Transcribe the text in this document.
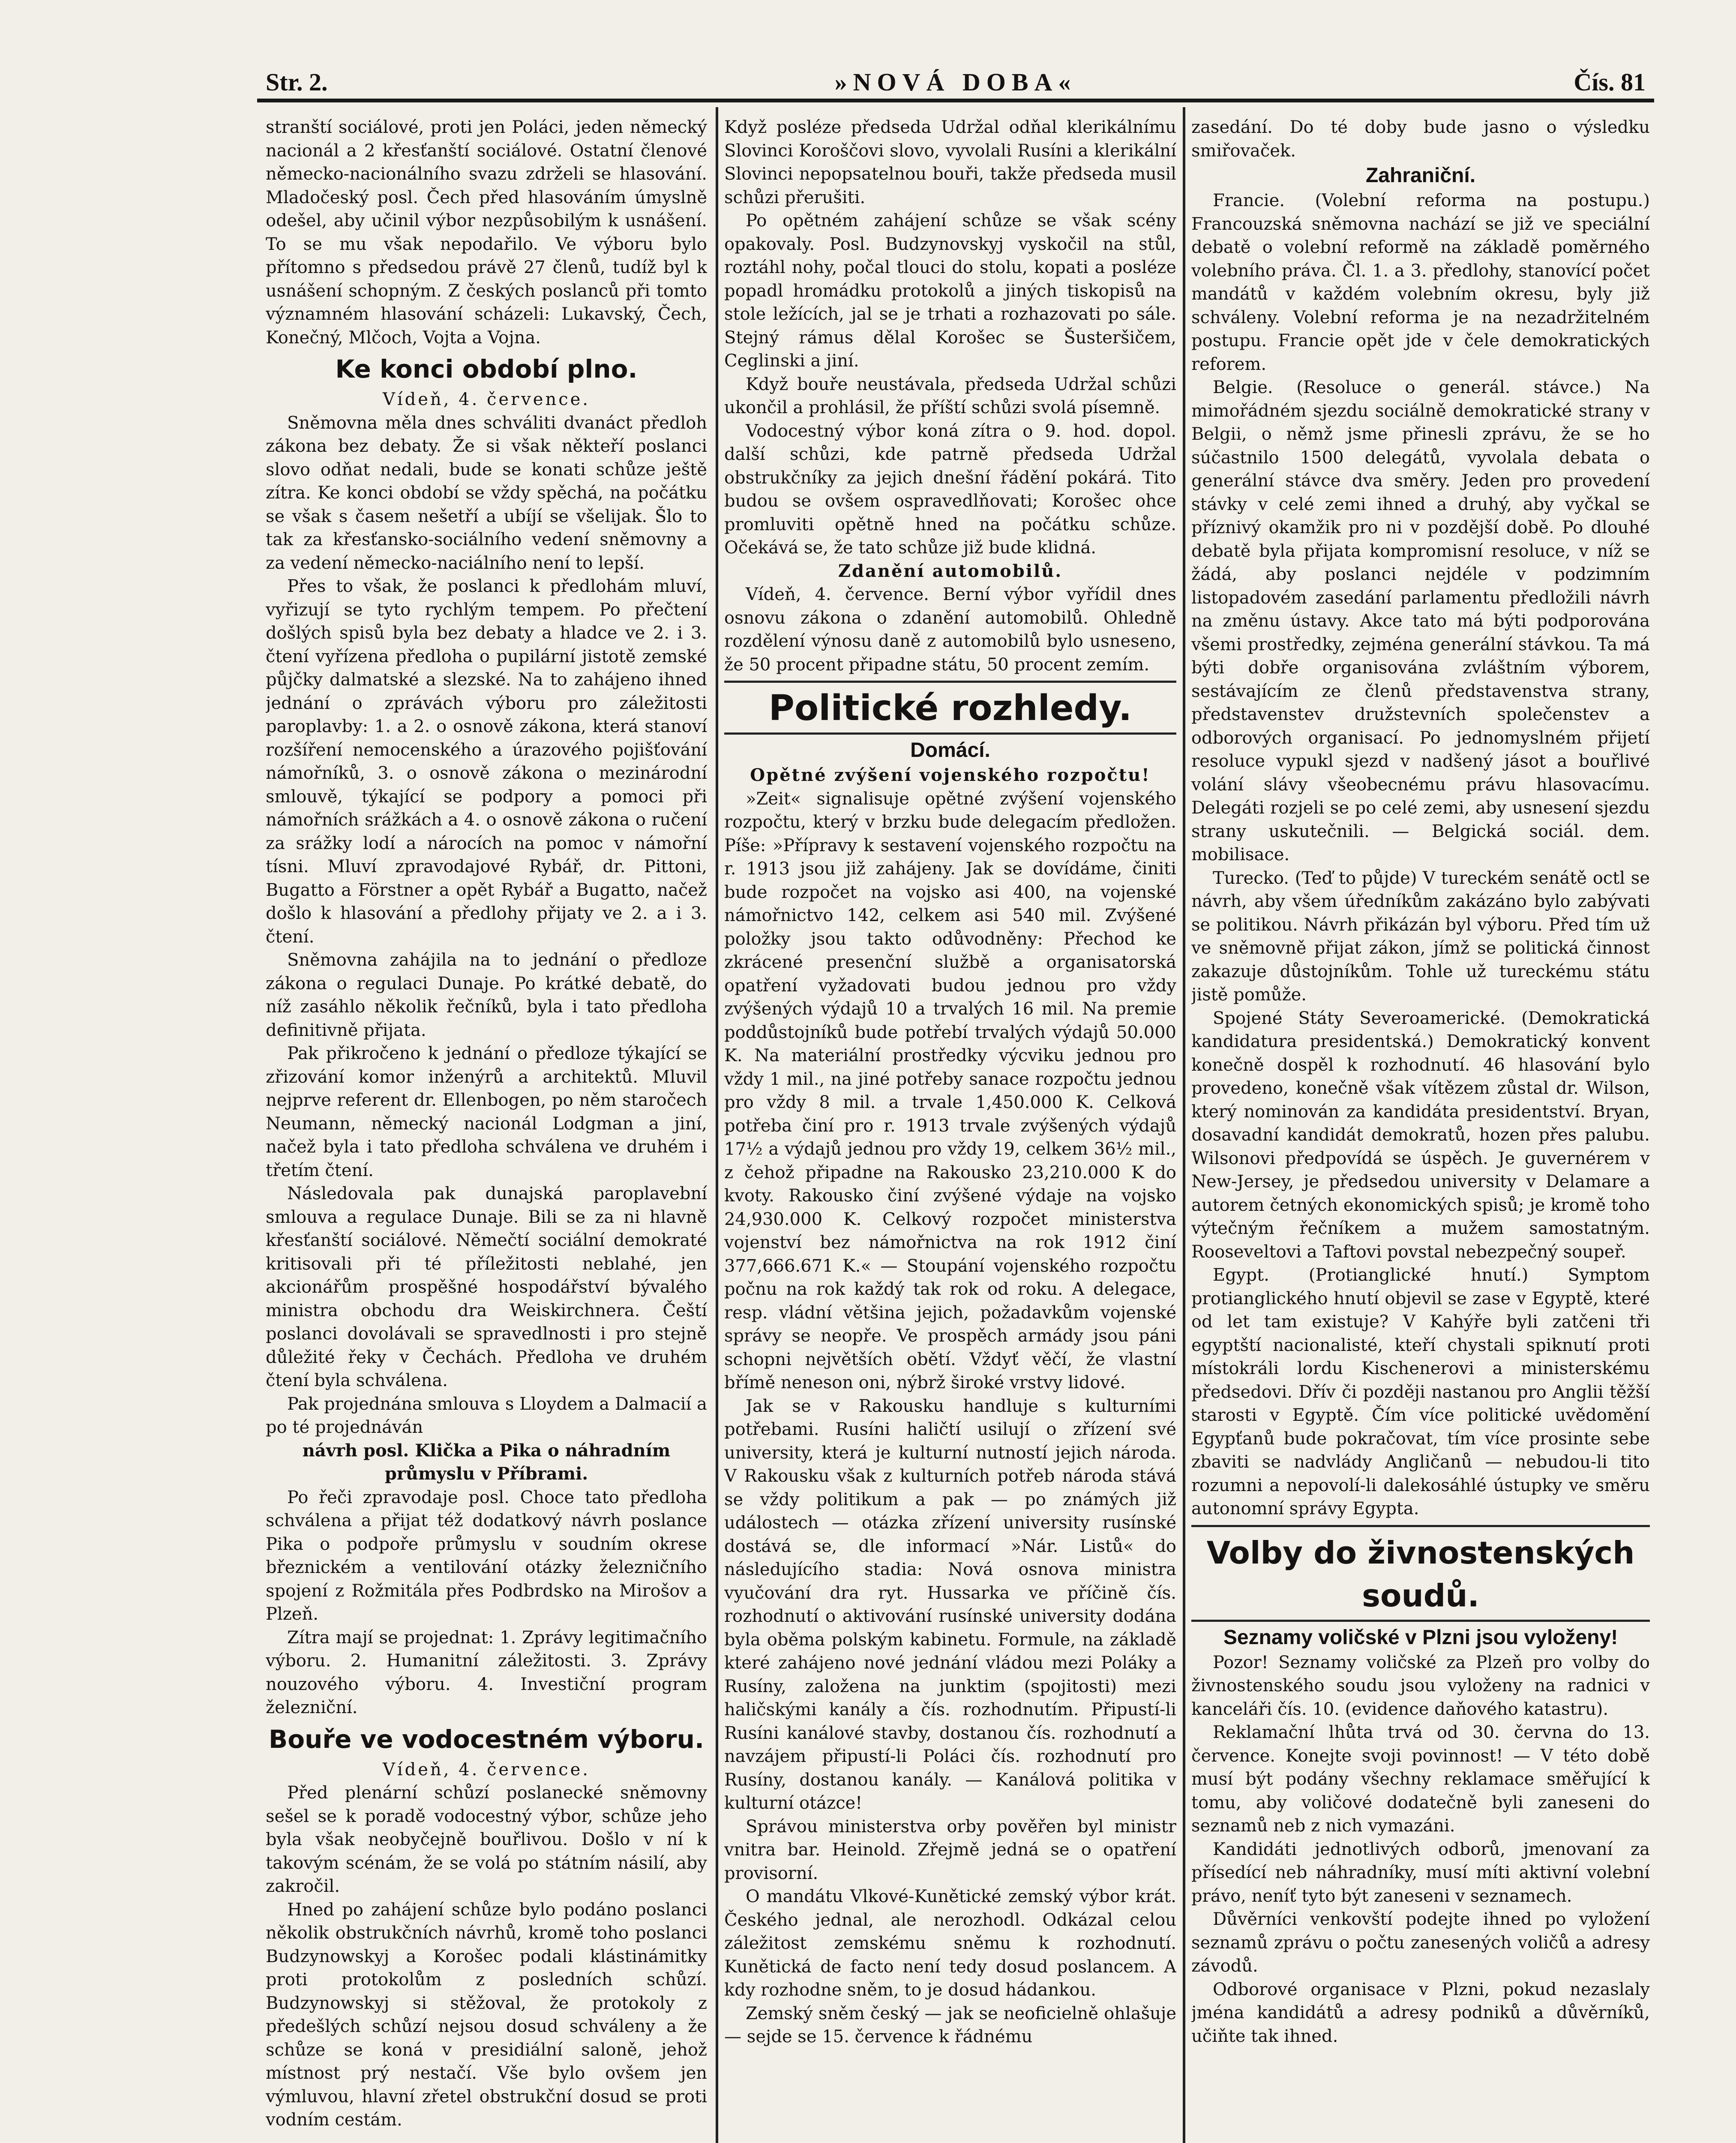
Str. 2.	»NOVÁ DOBA«	Čís. 81

stranští sociálové, proti jen Poláci, jeden německý nacionál a 2 křesťanští sociálové. Ostatní členové německo-nacionálního svazu zdrželi se hlasování. Mladočeský posl. Čech před hlasováním úmyslně odešel, aby učinil výbor nezpůsobilým k usnášení. To se mu však nepodařilo. Ve výboru bylo přítomno s předsedou právě 27 členů, tudíž byl k usnášení schopným. Z českých poslanců při tomto významném hlasování scházeli: Lukavský, Čech, Konečný, Mlčoch, Vojta a Vojna.

Ke konci období plno.

Vídeň, 4. července.

Sněmovna měla dnes schváliti dvanáct předloh zákona bez debaty. Že si však někteří poslanci slovo odňat nedali, bude se konati schůze ještě zítra. Ke konci období se vždy spěchá, na počátku se však s časem nešetří a ubíjí se všelijak. Šlo to tak za křesťansko-sociálního vedení sněmovny a za vedení německo-naciálního není to lepší.

Přes to však, že poslanci k předlohám mluví, vyřizují se tyto rychlým tempem. Po přečtení došlých spisů byla bez debaty a hladce ve 2. i 3. čtení vyřízena předloha o pupilární jistotě zemské půjčky dalmatské a slezské. Na to zahájeno ihned jednání o zprávách výboru pro záležitosti paroplavby: 1. a 2. o osnově zákona, která stanoví rozšíření nemocenského a úrazového pojišťování námořníků, 3. o osnově zákona o mezinárodní smlouvě, týkající se podpory a pomoci při námořních srážkách a 4. o osnově zákona o ručení za srážky lodí a nárocích na pomoc v námořní tísni. Mluví zpravodajové Rybář, dr. Pittoni, Bugatto a Förstner a opět Rybář a Bugatto, načež došlo k hlasování a předlohy přijaty ve 2. a i 3. čtení.

Sněmovna zahájila na to jednání o předloze zákona o regulaci Dunaje. Po krátké debatě, do níž zasáhlo několik řečníků, byla i tato předloha definitivně přijata.

Pak přikročeno k jednání o předloze týkající se zřizování komor inženýrů a architektů. Mluvil nejprve referent dr. Ellenbogen, po něm staročech Neumann, německý nacionál Lodgman a jiní, načež byla i tato předloha schválena ve druhém i třetím čtení.

Následovala pak dunajská paroplavební smlouva a regulace Dunaje. Bili se za ni hlavně křesťanští sociálové. Němečtí sociální demokraté kritisovali při té příležitosti neblahé, jen akcionářům prospěšné hospodářství bývalého ministra obchodu dra Weiskirchnera. Čeští poslanci dovolávali se spravedlnosti i pro stejně důležité řeky v Čechách. Předloha ve druhém čtení byla schválena.

Pak projednána smlouva s Lloydem a Dalmacií a po té projednáván

návrh posl. Klička a Pika o náhradním průmyslu v Příbrami.

Po řeči zpravodaje posl. Choce tato předloha schválena a přijat též dodatkový návrh poslance Pika o podpoře průmyslu v soudním okrese březnickém a ventilování otázky železničního spojení z Rožmitála přes Podbrdsko na Mirošov a Plzeň.

Zítra mají se projednat: 1. Zprávy legitimačního výboru. 2. Humanitní záležitosti. 3. Zprávy nouzového výboru. 4. Investiční program železniční.

Bouře ve vodocestném výboru.

Vídeň, 4. července.

Před plenární schůzí poslanecké sněmovny sešel se k poradě vodocestný výbor, schůze jeho byla však neobyčejně bouřlivou. Došlo v ní k takovým scénám, že se volá po státním násilí, aby zakročil.

Hned po zahájení schůze bylo podáno poslanci několik obstrukčních návrhů, kromě toho poslanci Budzynowskyj a Korošec podali klástinámitky proti protokolům z posledních schůzí. Budzynowskyj si stěžoval, že protokoly z předešlých schůzí nejsou dosud schváleny a že schůze se koná v presidiální saloně, jehož místnost prý nestačí. Vše bylo ovšem jen výmluvou, hlavní zřetel obstrukční dosud se proti vodním cestám.

Když posléze předseda Udržal odňal klerikálnímu Slovinci Koroščovi slovo, vyvolali Rusíni a klerikální Slovinci nepopsatelnou bouři, takže předseda musil schůzi přerušiti.

Po opětném zahájení schůze se však scény opakovaly. Posl. Budzynovskyj vyskočil na stůl, roztáhl nohy, počal tlouci do stolu, kopati a posléze popadl hromádku protokolů a jiných tiskopisů na stole ležících, jal se je trhati a rozhazovati po sále. Stejný rámus dělal Korošec se Šusteršičem, Ceglinski a jiní.

Když bouře neustávala, předseda Udržal schůzi ukončil a prohlásil, že příští schůzi svolá písemně.

Vodocestný výbor koná zítra o 9. hod. dopol. další schůzi, kde patrně předseda Udržal obstrukčníky za jejich dnešní řádění pokárá. Tito budou se ovšem ospravedlňovati; Korošec ohce promluviti opětně hned na počátku schůze. Očekává se, že tato schůze již bude klidná.

Zdanění automobilů.

Vídeň, 4. července. Berní výbor vyřídil dnes osnovu zákona o zdanění automobilů. Ohledně rozdělení výnosu daně z automobilů bylo usneseno, že 50 procent připadne státu, 50 procent zemím.

Politické rozhledy.
Domácí.
Opětné zvýšení vojenského rozpočtu!

»Zeit« signalisuje opětné zvýšení vojenského rozpočtu, který v brzku bude delegacím předložen. Píše: »Přípravy k sestavení vojenského rozpočtu na r. 1913 jsou již zahájeny. Jak se dovídáme, činiti bude rozpočet na vojsko asi 400, na vojenské námořnictvo 142, celkem asi 540 mil. Zvýšené položky jsou takto odůvodněny: Přechod ke zkrácené presenční službě a organisatorská opatření vyžadovati budou jednou pro vždy zvýšených výdajů 10 a trvalých 16 mil. Na premie poddůstojníků bude potřebí trvalých výdajů 50.000 K. Na materiální prostředky výcviku jednou pro vždy 1 mil., na jiné potřeby sanace rozpočtu jednou pro vždy 8 mil. a trvale 1,450.000 K. Celková potřeba činí pro r. 1913 trvale zvýšených výdajů 17½ a výdajů jednou pro vždy 19, celkem 36½ mil., z čehož připadne na Rakousko 23,210.000 K do kvoty. Rakousko činí zvýšené výdaje na vojsko 24,930.000 K. Celkový rozpočet ministerstva vojenství bez námořnictva na rok 1912 činí 377,666.671 K.« — Stoupání vojenského rozpočtu počnu na rok každý tak rok od roku. A delegace, resp. vládní většina jejich, požadavkům vojenské správy se neopře. Ve prospěch armády jsou páni schopni největších obětí. Vždyť věčí, že vlastní břímě neneson oni, nýbrž široké vrstvy lidové.

Jak se v Rakousku handluje s kulturními potřebami. Rusíni haličtí usilují o zřízení své university, která je kulturní nutností jejich národa. V Rakousku však z kulturních potřeb národa stává se vždy politikum a pak — po známých již událostech — otázka zřízení university rusínské dostává se, dle informací »Nár. Listů« do následujícího stadia: Nová osnova ministra vyučování dra ryt. Hussarka ve příčině čís. rozhodnutí o aktivování rusínské university dodána byla oběma polským kabinetu. Formule, na základě které zahájeno nové jednání vládou mezi Poláky a Rusíny, založena na junktim (spojitosti) mezi haličskými kanály a čís. rozhodnutím. Připustí-li Rusíni kanálové stavby, dostanou čís. rozhodnutí a navzájem připustí-li Poláci čís. rozhodnutí pro Rusíny, dostanou kanály. — Kanálová politika v kulturní otázce!

Správou ministerstva orby pověřen byl ministr vnitra bar. Heinold. Zřejmě jedná se o opatření provisorní.

O mandátu Vlkové-Kunětické zemský výbor krát. Českého jednal, ale nerozhodl. Odkázal celou záležitost zemskému sněmu k rozhodnutí. Kunětická de facto není tedy dosud poslancem. A kdy rozhodne sněm, to je dosud hádankou.

Zemský sněm český — jak se neoficielně ohlašuje — sejde se 15. července k řádnému

zasedání. Do té doby bude jasno o výsledku smiřovaček.

Zahraniční.

Francie. (Volební reforma na postupu.) Francouzská sněmovna nachází se již ve speciální debatě o volební reformě na základě poměrného volebního práva. Čl. 1. a 3. předlohy, stanovící počet mandátů v každém volebním okresu, byly již schváleny. Volební reforma je na nezadržitelném postupu. Francie opět jde v čele demokratických reforem.

Belgie. (Resoluce o generál. stávce.) Na mimořádném sjezdu sociálně demokratické strany v Belgii, o němž jsme přinesli zprávu, že se ho súčastnilo 1500 delegátů, vyvolala debata o generální stávce dva směry. Jeden pro provedení stávky v celé zemi ihned a druhý, aby vyčkal se příznivý okamžik pro ni v pozdější době. Po dlouhé debatě byla přijata kompromisní resoluce, v níž se žádá, aby poslanci nejdéle v podzimním listopadovém zasedání parlamentu předložili návrh na změnu ústavy. Akce tato má býti podporována všemi prostředky, zejména generální stávkou. Ta má býti dobře organisována zvláštním výborem, sestávajícím ze členů představenstva strany, představenstev družstevních společenstev a odborových organisací. Po jednomyslném přijetí resoluce vypukl sjezd v nadšený jásot a bouřlivé volání slávy všeobecnému právu hlasovacímu. Delegáti rozjeli se po celé zemi, aby usnesení sjezdu strany uskutečnili. — Belgická sociál. dem. mobilisace.

Turecko. (Teď to půjde) V tureckém senátě octl se návrh, aby všem úředníkům zakázáno bylo zabývati se politikou. Návrh přikázán byl výboru. Před tím už ve sněmovně přijat zákon, jímž se politická činnost zakazuje důstojníkům. Tohle už tureckému státu jistě pomůže.

Spojené Státy Severoamerické. (Demokratická kandidatura presidentská.) Demokratický konvent konečně dospěl k rozhodnutí. 46 hlasování bylo provedeno, konečně však vítězem zůstal dr. Wilson, který nominován za kandidáta presidentství. Bryan, dosavadní kandidát demokratů, hozen přes palubu. Wilsonovi předpovídá se úspěch. Je guvernérem v New-Jersey, je předsedou university v Delamare a autorem četných ekonomických spisů; je kromě toho výtečným řečníkem a mužem samostatným. Rooseveltovi a Taftovi povstal nebezpečný soupeř.

Egypt. (Protianglické hnutí.) Symptom protianglického hnutí objevil se zase v Egyptě, které od let tam existuje? V Kahýře byli zatčeni tři egyptští nacionalisté, kteří chystali spiknutí proti místokráli lordu Kischenerovi a ministerskému předsedovi. Dřív či později nastanou pro Anglii těžší starosti v Egyptě. Čím více politické uvědomění Egypťanů bude pokračovat, tím více prosinte sebe zbaviti se nadvlády Angličanů — nebudou-li tito rozumni a nepovolí-li dalekosáhlé ústupky ve směru autonomní správy Egypta.

Volby do živnostenských soudů.
Seznamy voličské v Plzni jsou vyloženy!

Pozor! Seznamy voličské za Plzeň pro volby do živnostenského soudu jsou vyloženy na radnici v kanceláři čís. 10. (evidence daňového katastru).

Reklamační lhůta trvá od 30. června do 13. července. Konejte svoji povinnost! — V této době musí být podány všechny reklamace směřující k tomu, aby voličové dodatečně byli zaneseni do seznamů neb z nich vymazáni.

Kandidáti jednotlivých odborů, jmenovaní za přísedící neb náhradníky, musí míti aktivní volební právo, neníť tyto být zaneseni v seznamech.

Důvěrníci venkovští podejte ihned po vyložení seznamů zprávu o počtu zanesených voličů a adresy závodů.

Odborové organisace v Plzni, pokud nezaslaly jména kandidátů a adresy podniků a důvěrníků, učiňte tak ihned.
